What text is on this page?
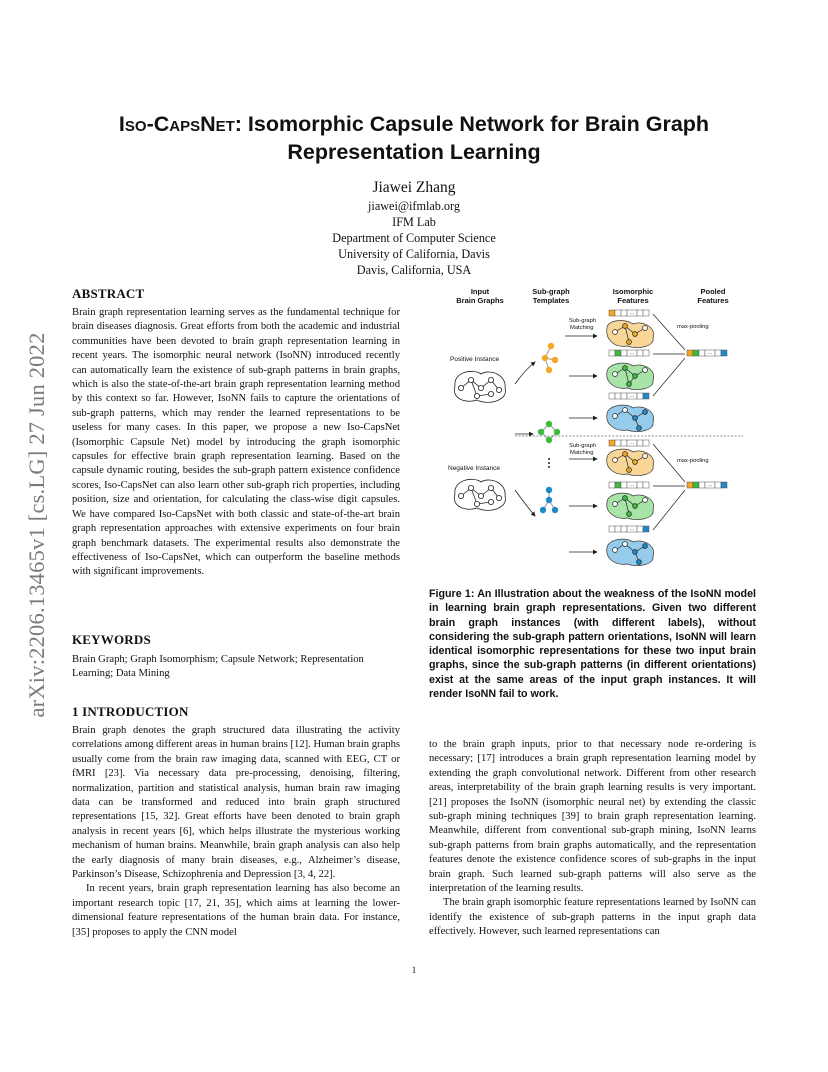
arXiv:2206.13465v1 [cs.LG] 27 Jun 2022
Iso-CapsNet: Isomorphic Capsule Network for Brain Graph
Representation Learning
Jiawei Zhang
jiawei@ifmlab.org
IFM Lab
Department of Computer Science
University of California, Davis
Davis, California, USA
ABSTRACT

Brain graph representation learning serves as the fundamental technique for brain diseases diagnosis. Great efforts from both the academic and industrial communities have been devoted to brain graph representation learning in recent years. The isomorphic neural network (IsoNN) introduced recently can automatically learn the existence of sub-graph patterns in brain graphs, which is also the state-of-the-art brain graph representation learning method by this context so far. However, IsoNN fails to capture the orientations of sub-graph patterns, which may render the learned representations to be useless for many cases. In this paper, we propose a new Iso-CapsNet (Isomorphic Capsule Net) model by introducing the graph isomorphic capsules for effective brain graph representation learning. Based on the capsule dynamic routing, besides the sub-graph pattern existence confidence scores, Iso-CapsNet can also learn other sub-graph rich properties, including position, size and orientation, for calculating the class-wise digit capsules. We have compared Iso-CapsNet with both classic and state-of-the-art brain graph representation approaches with extensive experiments on four brain graph benchmark datasets. The experimental results also demonstrate the effectiveness of Iso-CapsNet, which can outperform the baseline methods with significant improvements.

KEYWORDS

Brain Graph; Graph Isomorphism; Capsule Network; Representation Learning; Data Mining

1 INTRODUCTION

Brain graph denotes the graph structured data illustrating the activity correlations among different areas in human brains [12]. Human brain graphs usually come from the brain raw imaging data, scanned with EEG, CT or fMRI [23]. Via necessary data pre-processing, denoising, filtering, normalization, partition and statistical analysis, human brain raw imaging data can be transformed and reduced into brain graph structured representations [15, 32]. Great efforts have been denoted to brain graph analysis in recent years [6], which helps illustrate the mysterious working mechanism of human brains. Meanwhile, brain graph analysis can also help the early diagnosis of many brain diseases, e.g., Alzheimer’s disease, Parkinson’s Disease, Schizophrenia and Depression [3, 4, 22].

In recent years, brain graph representation learning has also become an important research topic [17, 21, 35], which aims at learning the lower-dimensional feature representations of the human brain data. For instance, [35] proposes to apply the CNN model

Input
Brain Graphs
Sub-graph
Templates
Isomorphic
Features
Pooled
Features
Positive Instance
Negative Instance
Sub-graph
Matching
Sub-graph
Matching
···
···
···
···
···
···
max-pooling
max-pooling
···
···

Figure 1: An Illustration about the weakness of the IsoNN model in learning brain graph representations. Given two different brain graph instances (with different labels), without considering the sub-graph pattern orientations, IsoNN will learn identical isomorphic representations for these two input brain graphs, since the sub-graph patterns (in different orientations) exist at the same areas of the input graph instances. It will render IsoNN fail to work.

to the brain graph inputs, prior to that necessary node re-ordering is necessary; [17] introduces a brain graph representation learning model by extending the graph convolutional network. Different from other research areas, interpretability of the brain graph learning results is very important. [21] proposes the IsoNN (isomorphic neural net) by extending the classic sub-graph mining techniques [39] to brain graph representation learning. Meanwhile, different from conventional sub-graph mining, IsoNN learns sub-graph patterns from brain graphs automatically, and the representation features denote the existence confidence scores of sub-graphs in the input brain graph. Such learned sub-graph patterns will also serve as the interpretation of the learning results.

The brain graph isomorphic feature representations learned by IsoNN can identify the existence of sub-graph patterns in the input graph data effectively. However, such learned representations can

1
